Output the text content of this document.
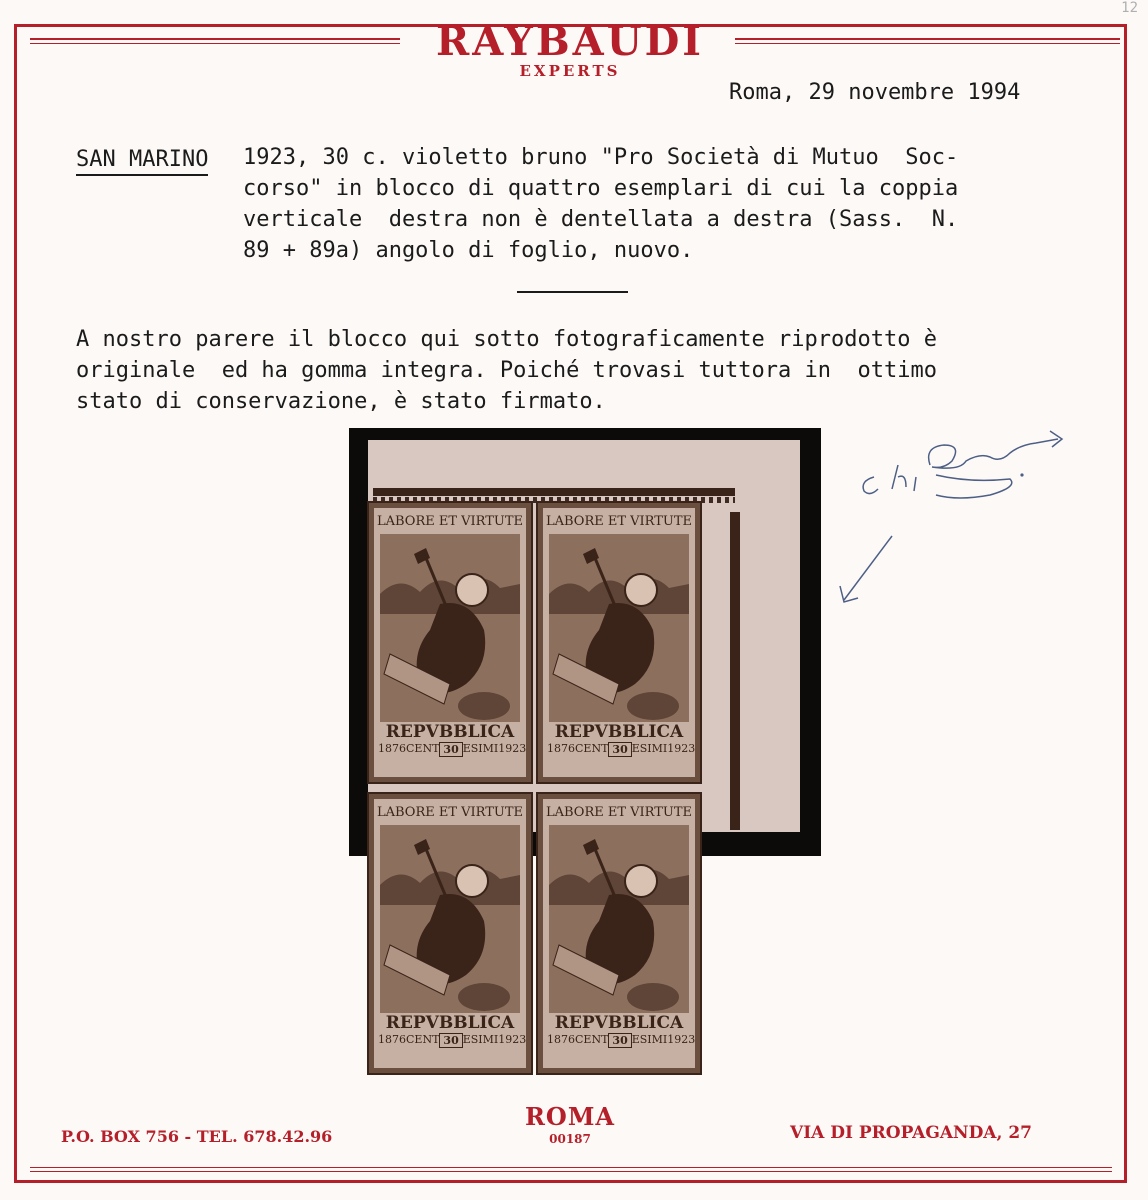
12
RAYBAUDI
EXPERTS
Roma, 29 novembre 1994
SAN MARINO 1923, 30 c. violetto bruno "Pro Società di Mutuo  Soc-
corso" in blocco di quattro esemplari di cui la coppia
verticale  destra non è dentellata a destra (Sass.  N.
89 + 89a) angolo di foglio, nuovo.
A nostro parere il blocco qui sotto fotograficamente riprodotto è
originale  ed ha gomma integra. Poiché trovasi tuttora in  ottimo
stato di conservazione, è stato firmato.
LABORE ET VIRTUTE
REPVBBLICA
1876 CENT 30 ESIMI 1923
LABORE ET VIRTUTE
REPVBBLICA
1876 CENT 30 ESIMI 1923
LABORE ET VIRTUTE
REPVBBLICA
1876 CENT 30 ESIMI 1923
LABORE ET VIRTUTE
REPVBBLICA
1876 CENT 30 ESIMI 1923
ROMA
00187
P.O. BOX 756 - TEL. 678.42.96	VIA DI PROPAGANDA, 27
